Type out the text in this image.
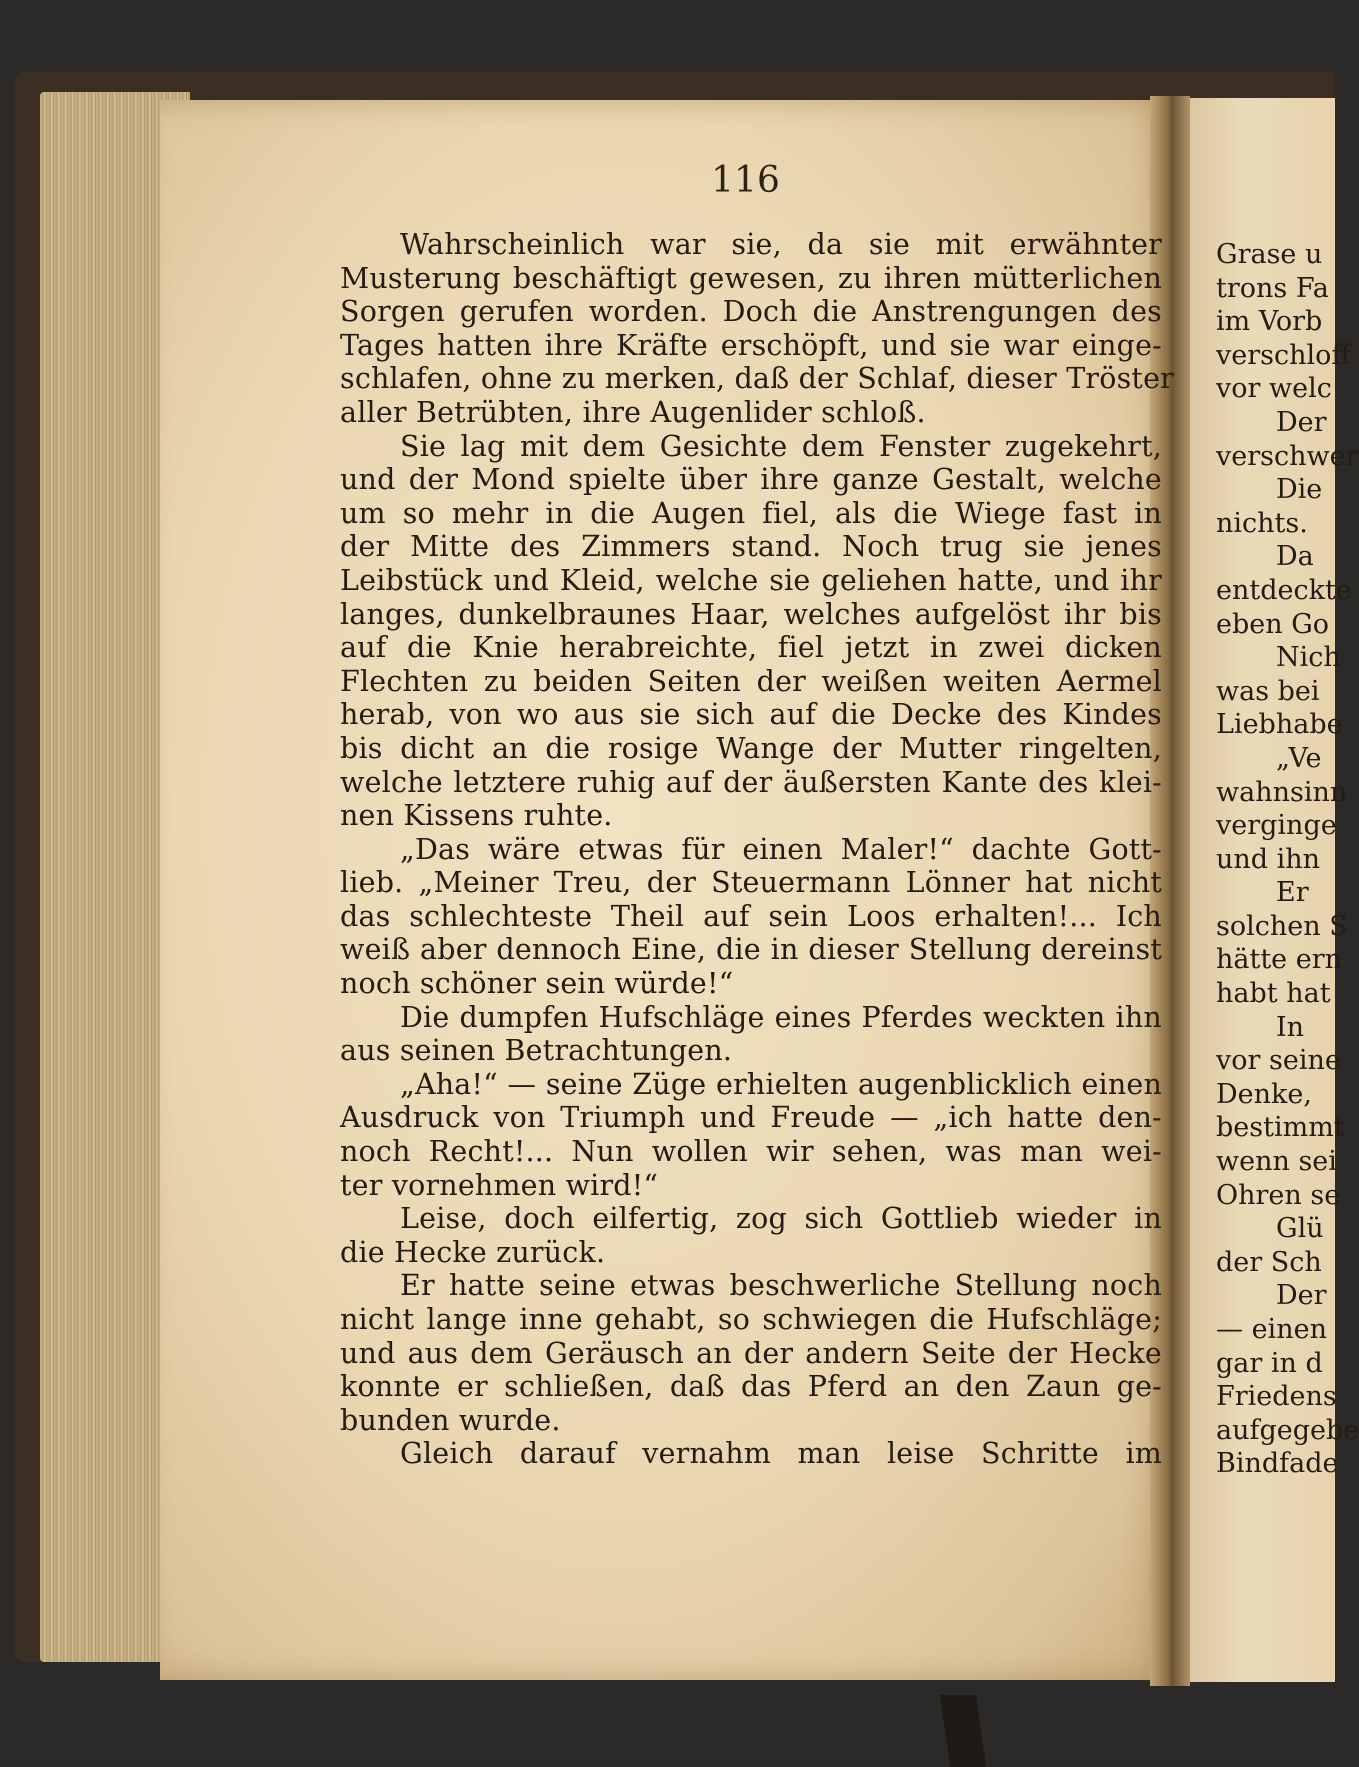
116
Wahrscheinlich war sie, da sie mit erwähnter
Musterung beschäftigt gewesen, zu ihren mütterlichen
Sorgen gerufen worden. Doch die Anstrengungen des
Tages hatten ihre Kräfte erschöpft, und sie war einge-
schlafen, ohne zu merken, daß der Schlaf, dieser Tröster
aller Betrübten, ihre Augenlider schloß.
Sie lag mit dem Gesichte dem Fenster zugekehrt,
und der Mond spielte über ihre ganze Gestalt, welche
um so mehr in die Augen fiel, als die Wiege fast in
der Mitte des Zimmers stand. Noch trug sie jenes
Leibstück und Kleid, welche sie geliehen hatte, und ihr
langes, dunkelbraunes Haar, welches aufgelöst ihr bis
auf die Knie herabreichte, fiel jetzt in zwei dicken
Flechten zu beiden Seiten der weißen weiten Aermel
herab, von wo aus sie sich auf die Decke des Kindes
bis dicht an die rosige Wange der Mutter ringelten,
welche letztere ruhig auf der äußersten Kante des klei-
nen Kissens ruhte.
„Das wäre etwas für einen Maler!“ dachte Gott-
lieb. „Meiner Treu, der Steuermann Lönner hat nicht
das schlechteste Theil auf sein Loos erhalten!... Ich
weiß aber dennoch Eine, die in dieser Stellung dereinst
noch schöner sein würde!“
Die dumpfen Hufschläge eines Pferdes weckten ihn
aus seinen Betrachtungen.
„Aha!“ — seine Züge erhielten augenblicklich einen
Ausdruck von Triumph und Freude — „ich hatte den-
noch Recht!... Nun wollen wir sehen, was man wei-
ter vornehmen wird!“
Leise, doch eilfertig, zog sich Gottlieb wieder in
die Hecke zurück.
Er hatte seine etwas beschwerliche Stellung noch
nicht lange inne gehabt, so schwiegen die Hufschläge;
und aus dem Geräusch an der andern Seite der Hecke
konnte er schließen, daß das Pferd an den Zaun ge-
bunden wurde.
Gleich darauf vernahm man leise Schritte im
Grase u
trons Fa
im Vorb
verschloff
vor welc
Der
verschwer
Die
nichts.
Da
entdeckte
eben Go
Nich
was bei
Liebhabe
„Ve
wahnsinn
verginge
und ihn
Er
solchen S
hätte ern
habt hat
In
vor seine
Denke,
bestimmt
wenn sei
Ohren se
Glü
der Sch
Der
— einen
gar in d
Friedens
aufgegebe
Bindfade
